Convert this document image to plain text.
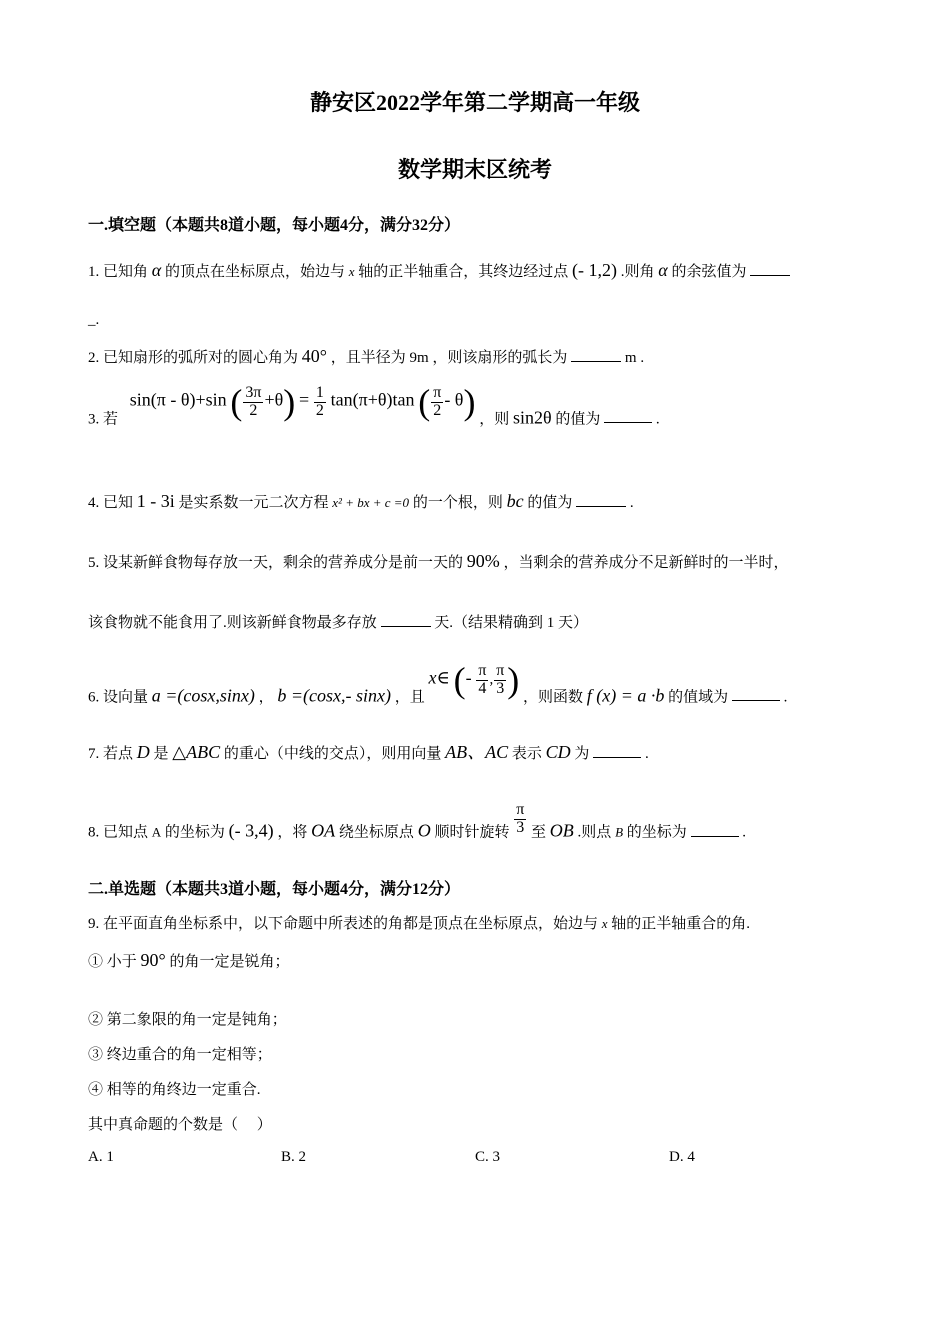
静安区2022学年第二学期高一年级
数学期末区统考
一.填空题（本题共8道小题，每小题4分，满分32分）
1. 已知角 α 的顶点在坐标原点，始边与 x 轴的正半轴重合，其终边经过点 (- 1,2) .则角 α 的余弦值为
_.
2. 已知扇形的弧所对的圆心角为 40° ，且半径为 9m ，则该扇形的弧长为	m .
3. 若 sin(π - θ)+sin ( $\frac{3\pi}{2} +\theta) = \frac{1}{2} \tan(\pi+\theta)\tan$ ( $\frac{\pi}{2} - \theta$) ，则 sin2θ 的值为	.
4. 已知 1 - 3i 是实系数一元二次方程 x² + bx + c =0 的一个根，则 bc 的值为	.
5. 设某新鲜食物每存放一天，剩余的营养成分是前一天的 90% ，当剩余的营养成分不足新鲜时的一半时，
该食物就不能食用了.则该新鲜食物最多存放	天.（结果精确到 1 天）
6. 设向量 a =(cosx,sinx) ， b =(cosx,- sinx) ，且 x∈ (- $\frac{\pi}{4}$ , $\frac{\pi}{3}$ ) ，则函数 f (x) = a ·b 的值域为	.
7. 若点 D 是 △ABC 的重心（中线的交点），则用向量 AB、AC 表示 CD 为	.
8. 已知点 A 的坐标为 (- 3,4) ，将 OA 绕坐标原点 O 顺时针旋转 $\frac{\pi}{3}$ 至 OB .则点 B 的坐标为	.
二.单选题（本题共3道小题，每小题4分，满分12分）
9. 在平面直角坐标系中，以下命题中所表述的角都是顶点在坐标原点，始边与 x 轴的正半轴重合的角.
① 小于 90° 的角一定是锐角；
② 第二象限的角一定是钝角；
③ 终边重合的角一定相等；
④ 相等的角终边一定重合.
其中真命题的个数是（　 ）
A. 1	B. 2	C. 3	D. 4
